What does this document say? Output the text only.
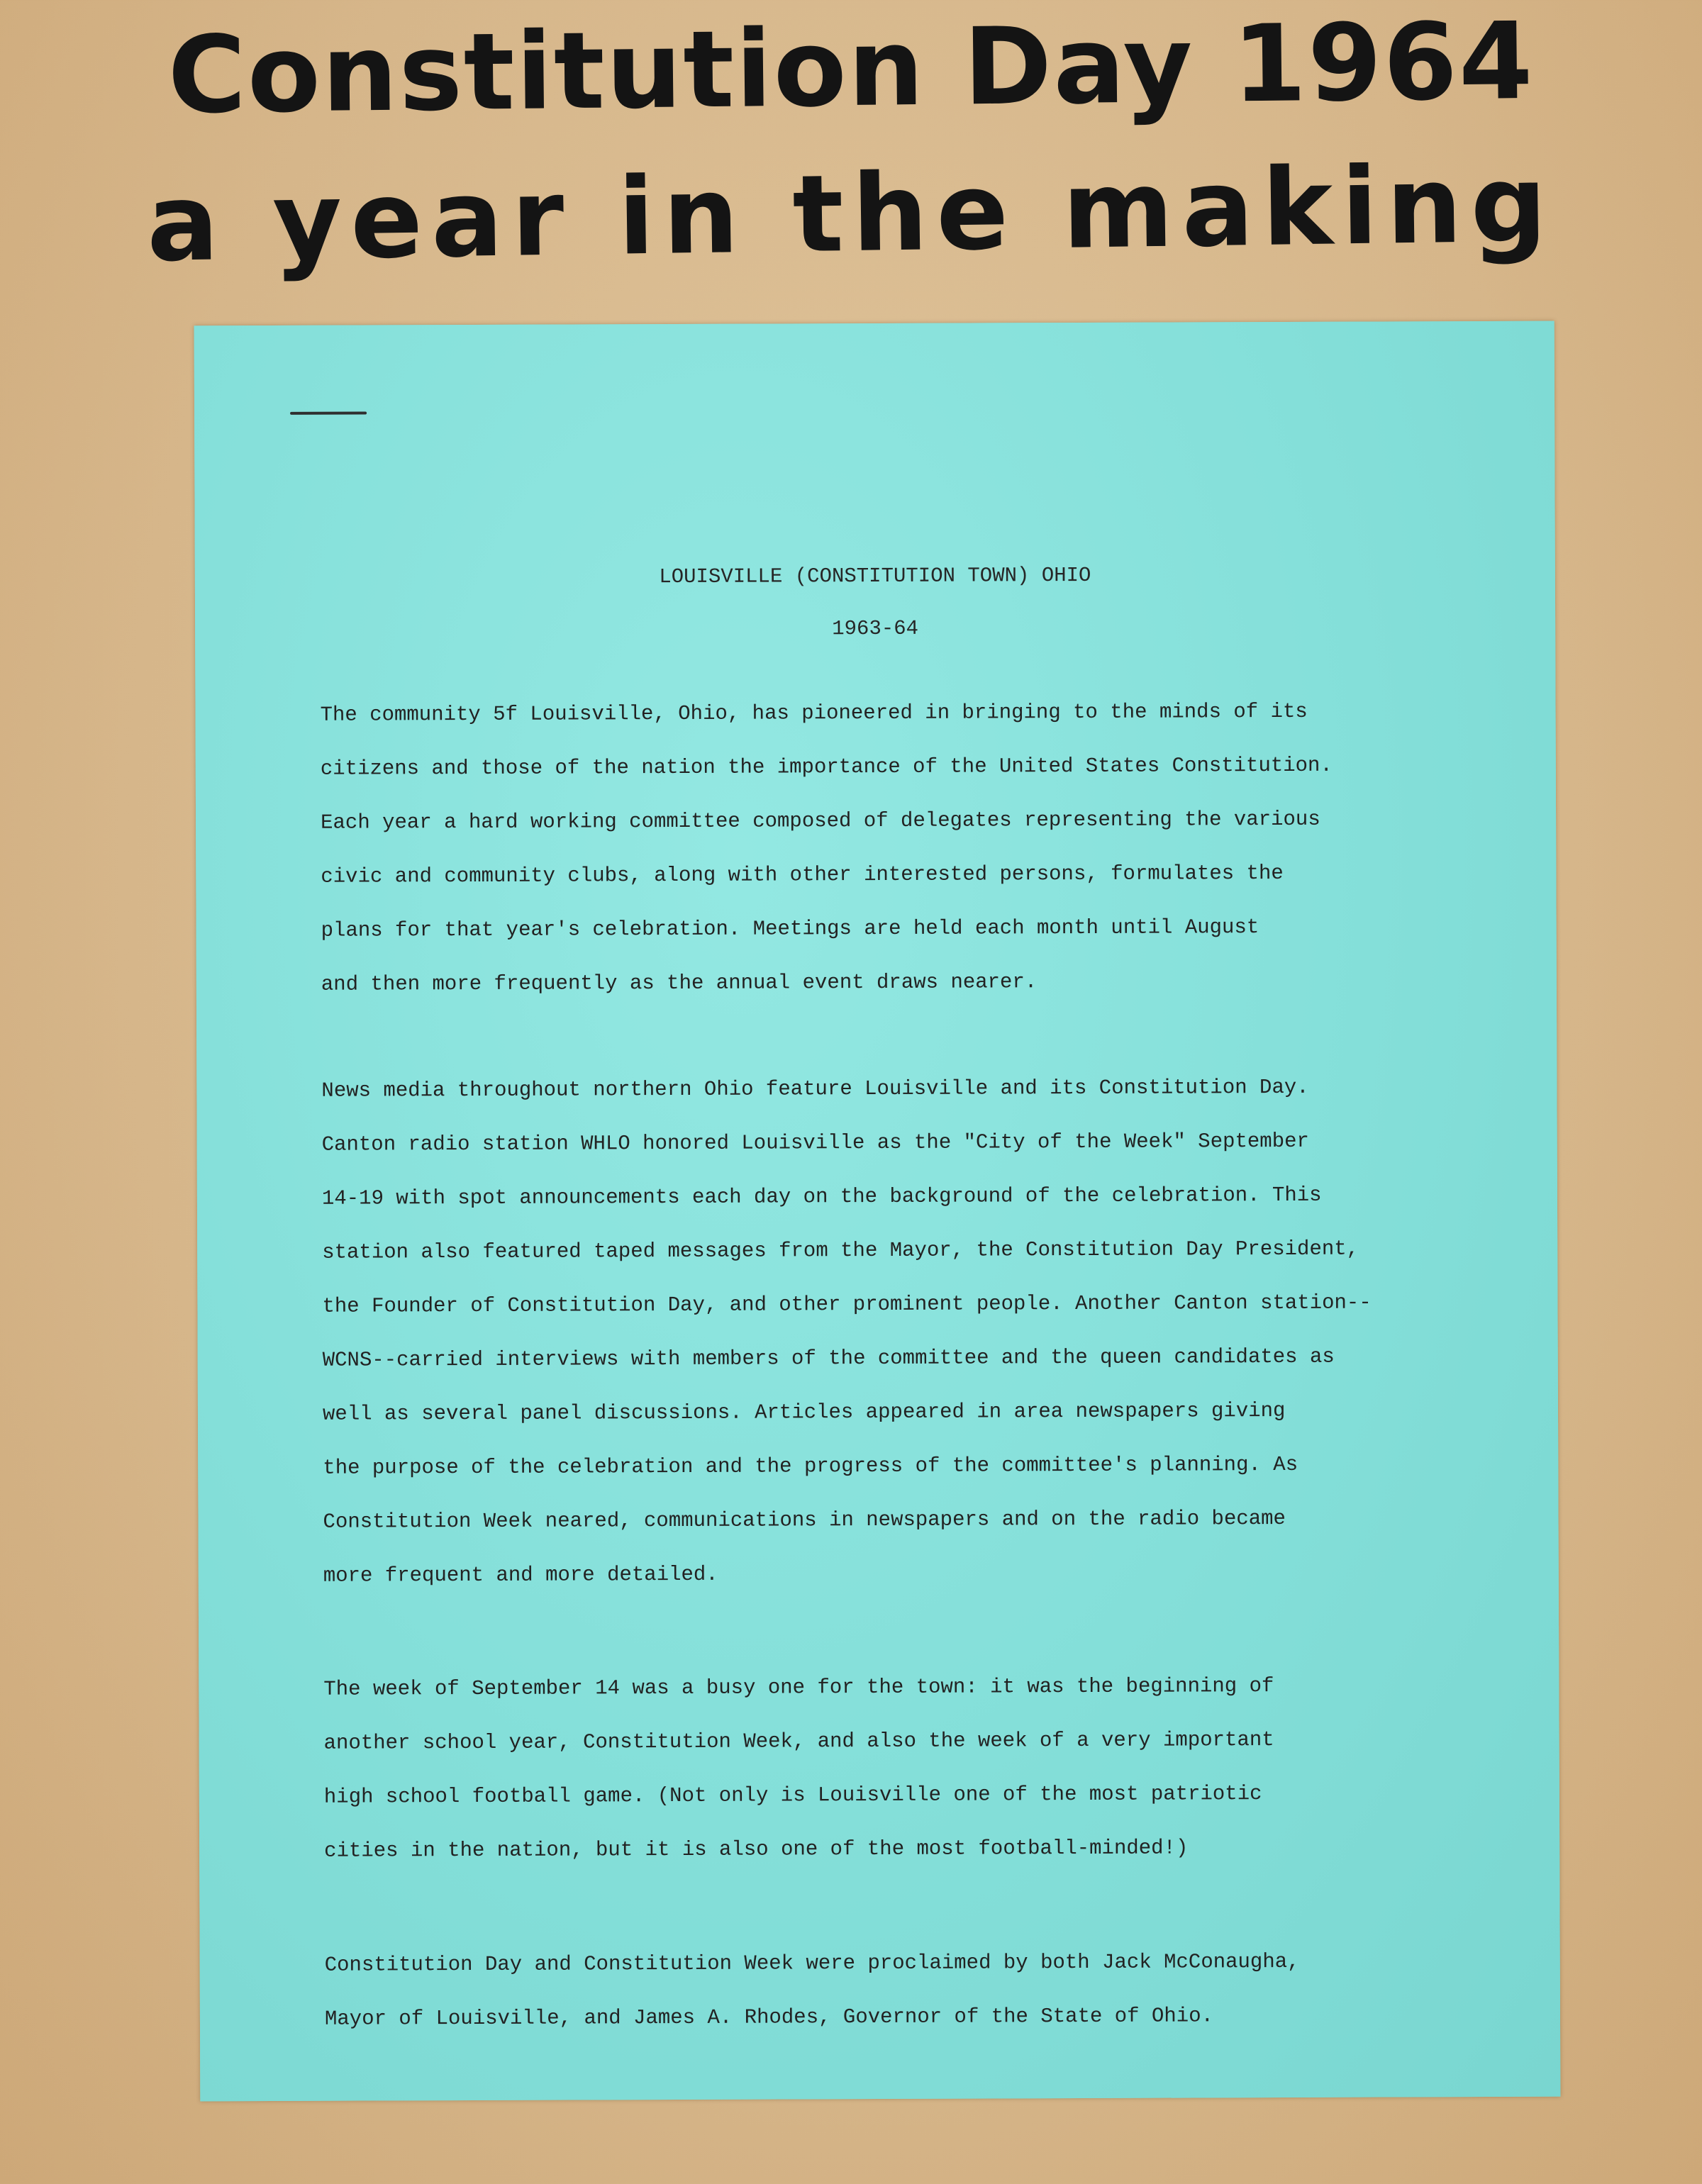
Constitution Day 1964
a year in the making

LOUISVILLE (CONSTITUTION TOWN) OHIO

1963-64

The community 5f Louisville, Ohio, has pioneered in bringing to the minds of its
citizens and those of the nation the importance of the United States Constitution.
Each year a hard working committee composed of delegates representing the various
civic and community clubs, along with other interested persons, formulates the
plans for that year's celebration. Meetings are held each month until August
and then more frequently as the annual event draws nearer.

News media throughout northern Ohio feature Louisville and its Constitution Day.
Canton radio station WHLO honored Louisville as the "City of the Week" September
14-19 with spot announcements each day on the background of the celebration. This
station also featured taped messages from the Mayor, the Constitution Day President,
the Founder of Constitution Day, and other prominent people. Another Canton station--
WCNS--carried interviews with members of the committee and the queen candidates as
well as several panel discussions. Articles appeared in area newspapers giving
the purpose of the celebration and the progress of the committee's planning. As
Constitution Week neared, communications in newspapers and on the radio became
more frequent and more detailed.

The week of September 14 was a busy one for the town: it was the beginning of
another school year, Constitution Week, and also the week of a very important
high school football game. (Not only is Louisville one of the most patriotic
cities in the nation, but it is also one of the most football-minded!)

Constitution Day and Constitution Week were proclaimed by both Jack McConaugha,
Mayor of Louisville, and James A. Rhodes, Governor of the State of Ohio.
